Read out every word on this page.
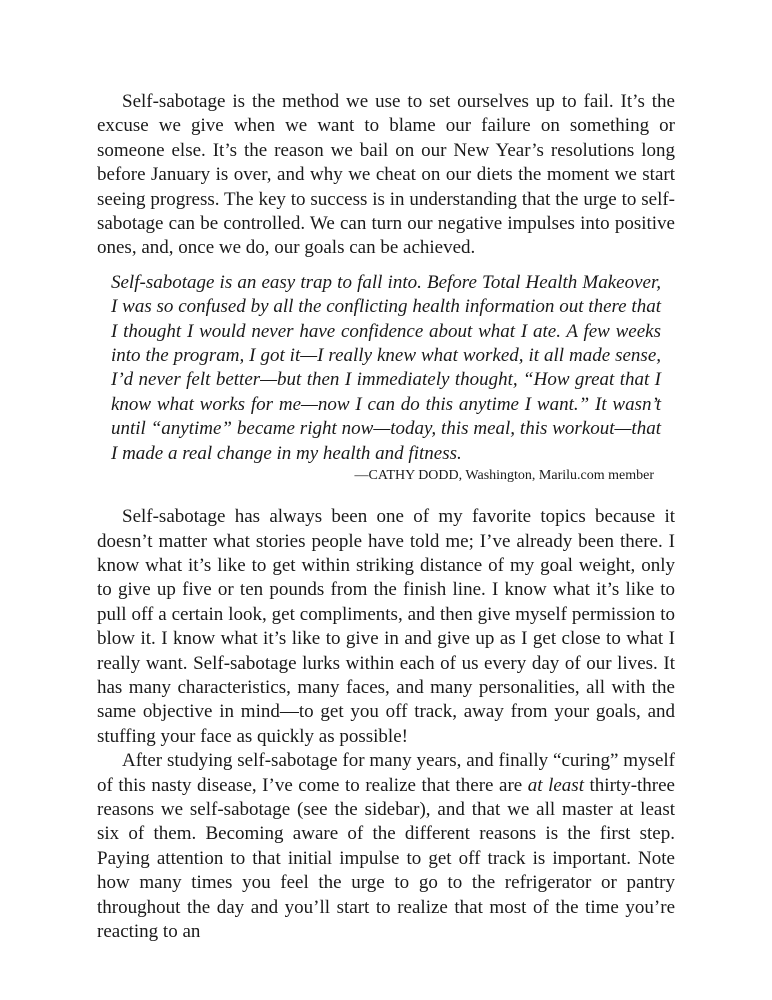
Self-sabotage is the method we use to set ourselves up to fail. It’s the excuse we give when we want to blame our failure on something or someone else. It’s the reason we bail on our New Year’s resolutions long before January is over, and why we cheat on our diets the moment we start seeing progress. The key to success is in understanding that the urge to self-sabotage can be controlled. We can turn our negative impulses into positive ones, and, once we do, our goals can be achieved.

Self-sabotage is an easy trap to fall into. Before Total Health Makeover, I was so confused by all the conflicting health information out there that I thought I would never have confidence about what I ate. A few weeks into the program, I got it—I really knew what worked, it all made sense, I’d never felt better—but then I immediately thought, “How great that I know what works for me—now I can do this anytime I want.” It wasn’t until “anytime” became right now—today, this meal, this workout—that I made a real change in my health and fitness.

—CATHY DODD, Washington, Marilu.com member

Self-sabotage has always been one of my favorite topics because it doesn’t matter what stories people have told me; I’ve already been there. I know what it’s like to get within striking distance of my goal weight, only to give up five or ten pounds from the finish line. I know what it’s like to pull off a certain look, get compliments, and then give myself permission to blow it. I know what it’s like to give in and give up as I get close to what I really want. Self-sabotage lurks within each of us every day of our lives. It has many characteristics, many faces, and many personalities, all with the same objective in mind—to get you off track, away from your goals, and stuffing your face as quickly as possible!

After studying self-sabotage for many years, and finally “curing” myself of this nasty disease, I’ve come to realize that there are at least thirty-three reasons we self-sabotage (see the sidebar), and that we all master at least six of them. Becoming aware of the different reasons is the first step. Paying attention to that initial impulse to get off track is important. Note how many times you feel the urge to go to the refrigerator or pantry throughout the day and you’ll start to realize that most of the time you’re reacting to an
